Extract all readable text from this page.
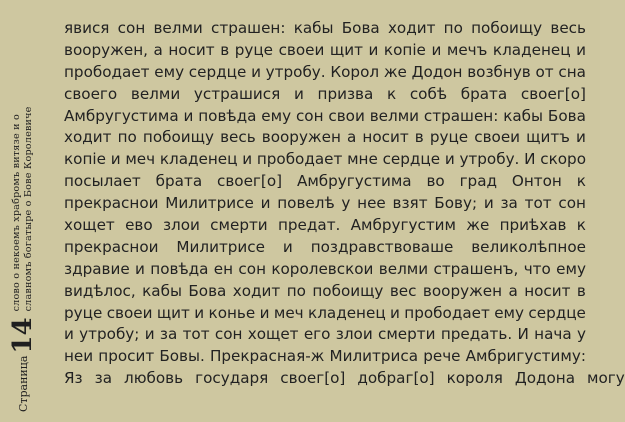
Страница
14
слово о некоемъ храбромъ витязе и о славномъ богатыре о Бове Королевиче
явися сон велми страшен: кабы Бова ходит по побоищу весь
вооружен, а носит в руце своеи щит и копiе и мечъ кладенец и
прободает ему сердце и утробу. Корол же Додон возбнув от сна
своего велми устрашися и призва к собѣ брата своег[о]
Амбругустима и повѣда ему сон свои велми страшен: кабы Бова
ходит по побоищу весь вооружен а носит в руце своеи щитъ и
копiе и меч кладенец и прободает мне сердце и утробу. И скоро
посылает брата своег[о] Амбругустима во град Онтон к
прекраснои Милитрисе и повелѣ у нее взят Бову; и за тот сон
хощет ево злои смерти предат. Амбругустим же приѣхав к
прекраснои Милитрисе и поздравствоваше великолѣпное
здравие и повѣда ен сон королевскои велми страшенъ, что ему
видѣлос, кабы Бова ходит по побоищу вес вооружен а носит в
руце своеи щит и конье и меч кладенец и прободает ему сердце
и утробу; и за тот сон хощет его злои смерти предать. И нача у
неи просит Бовы. Прекрасная-ж Милитриса рече Амбригустиму:
Яз за любовь государя своег[о] добраг[о] короля Додона могу
